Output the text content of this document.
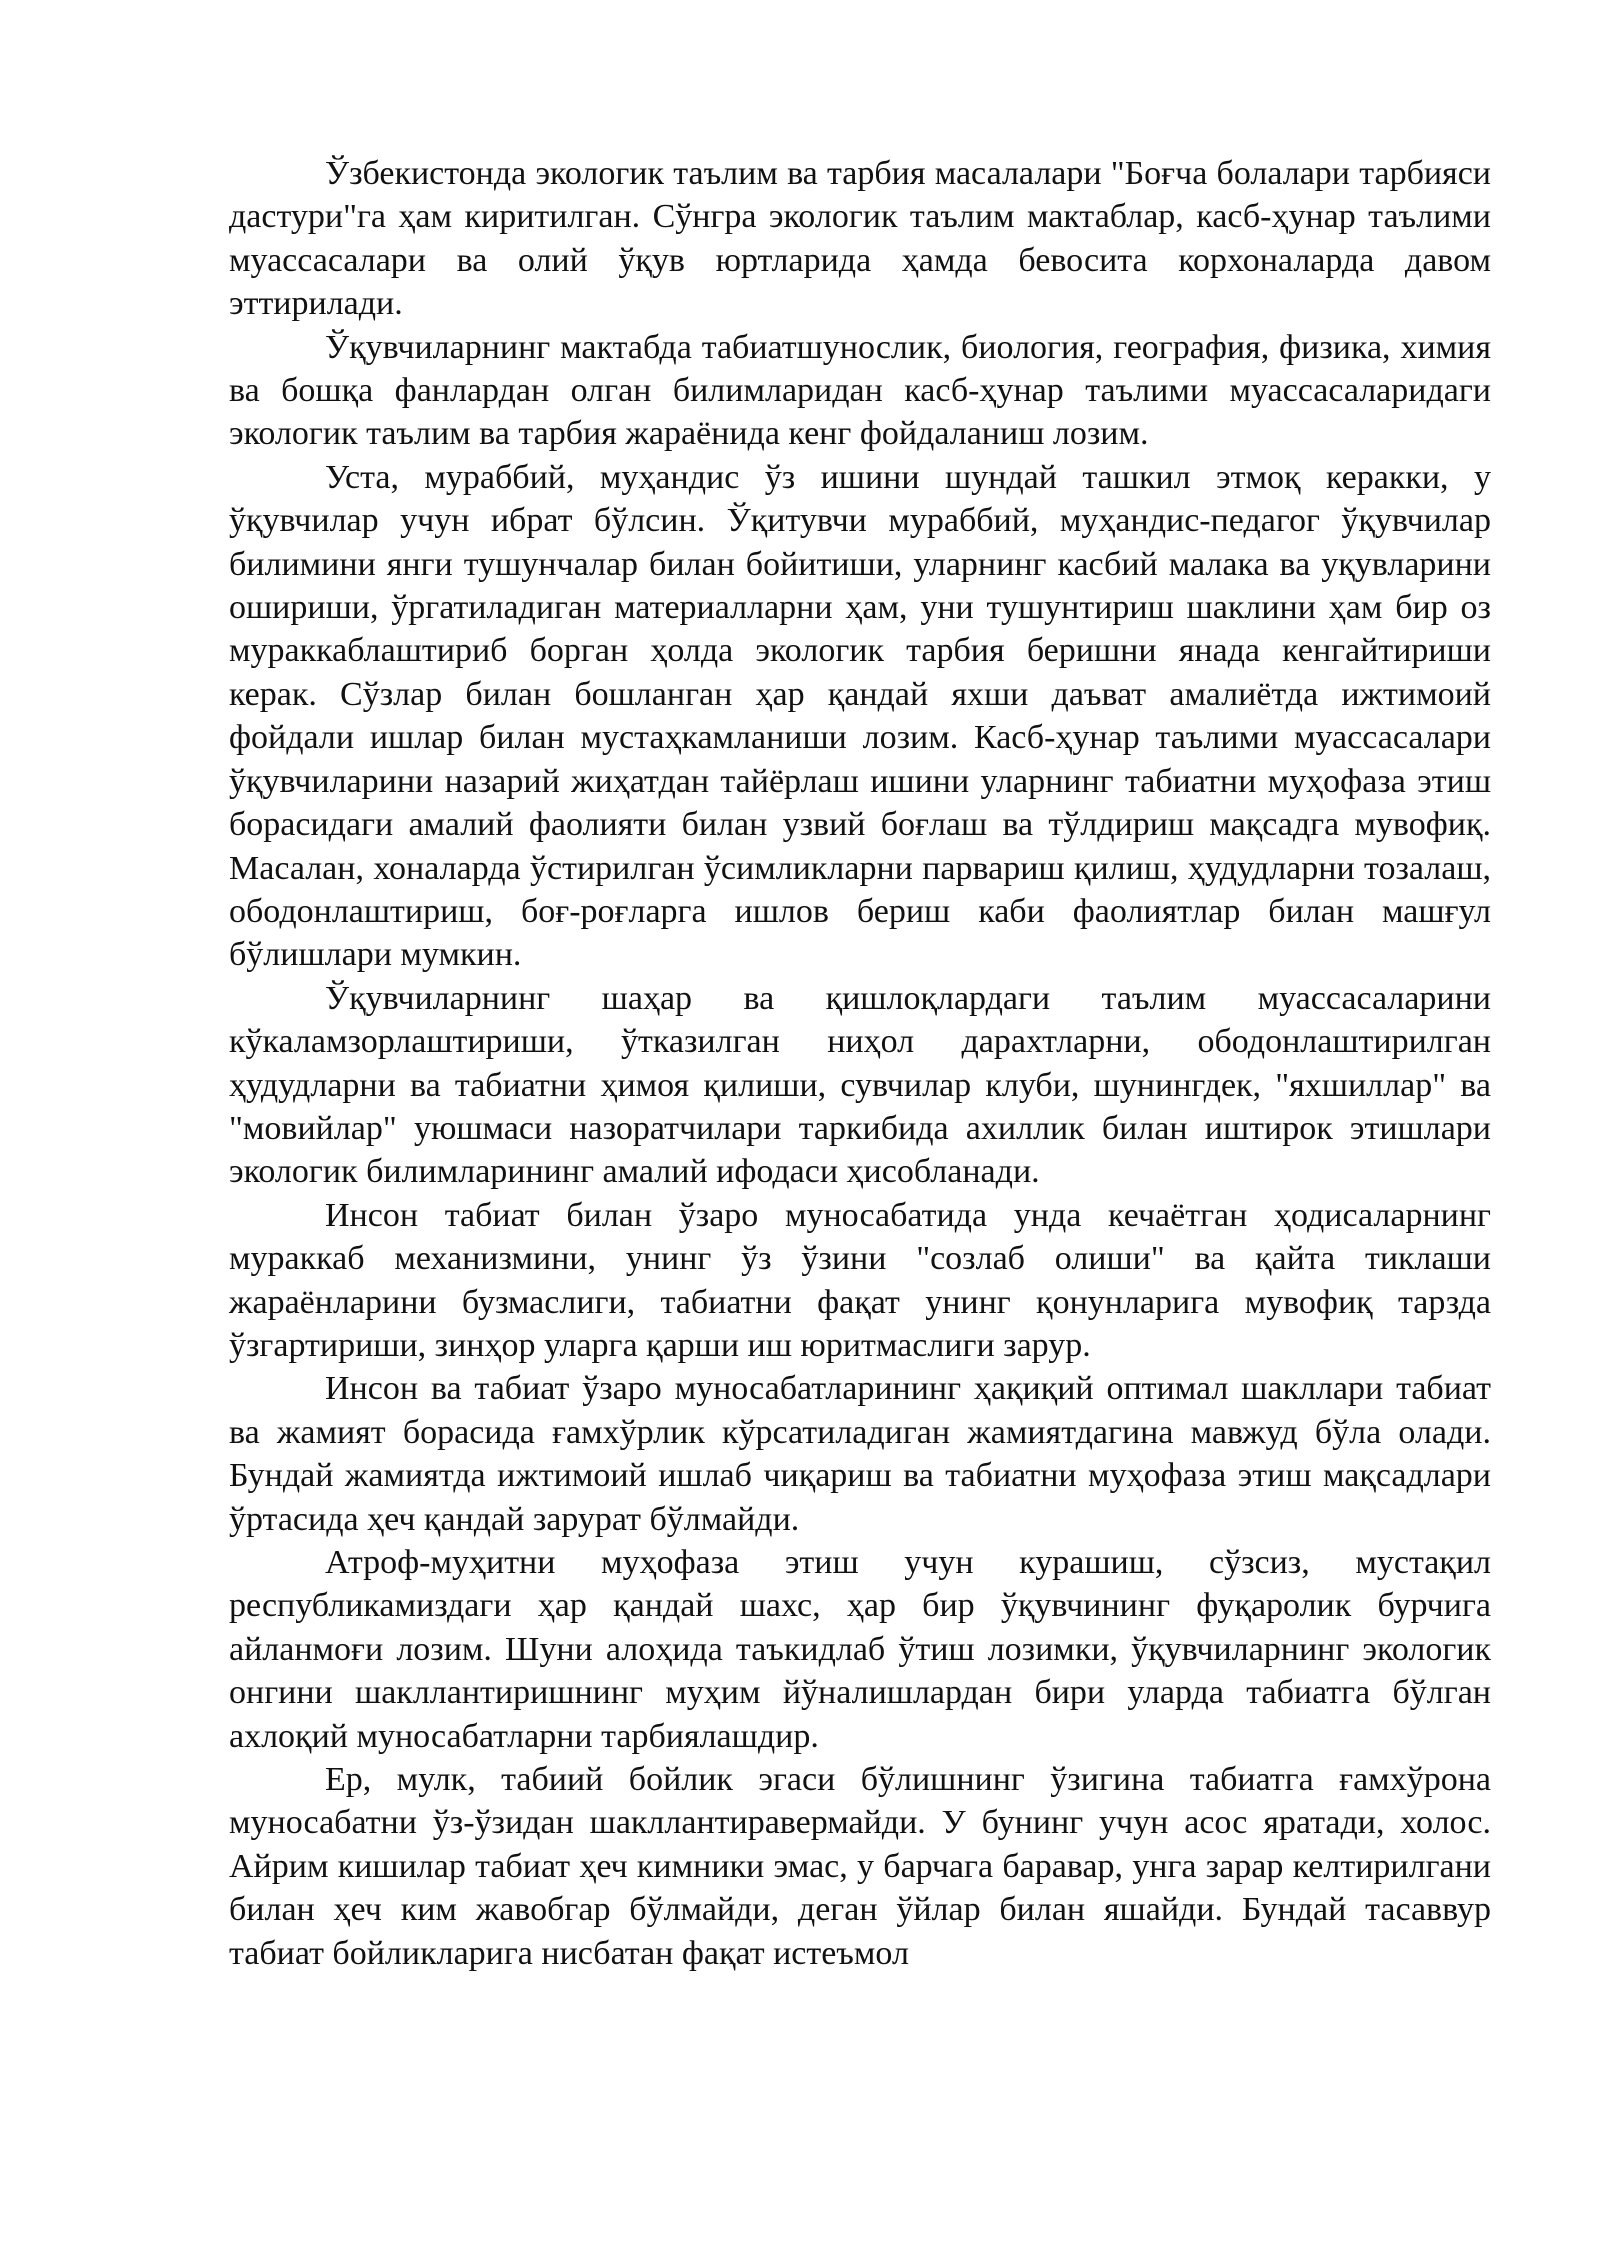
Ўзбекистонда экологик таълим ва тарбия масалалари "Боғча болалари тарбияси дастури"га ҳам киритилган. Сўнгра экологик таълим мактаблар, касб-ҳунар таълими муассасалари ва олий ўқув юртларида ҳамда бевосита корхоналарда давом эттирилади.

Ўқувчиларнинг мактабда табиатшунослик, биология, география, физика, химия ва бошқа фанлардан олган билимларидан касб-ҳунар таълими муассасаларидаги экологик таълим ва тарбия жараёнида кенг фойдаланиш лозим.

Уста, мураббий, муҳандис ўз ишини шундай ташкил этмоқ керакки, у ўқувчилар учун ибрат бўлсин. Ўқитувчи мураббий, муҳандис-педагог ўқувчилар билимини янги тушунчалар билан бойитиши, уларнинг касбий малака ва уқувларини ошириши, ўргатиладиган материалларни ҳам, уни тушунтириш шаклини ҳам бир оз мураккаблаштириб борган ҳолда экологик тарбия беришни янада кенгайтириши керак. Сўзлар билан бошланган ҳар қандай яхши даъват амалиётда ижтимоий фойдали ишлар билан мустаҳкамланиши лозим. Касб-ҳунар таълими муассасалари ўқувчиларини назарий жиҳатдан тайёрлаш ишини уларнинг табиатни муҳофаза этиш борасидаги амалий фаолияти билан узвий боғлаш ва тўлдириш мақсадга мувофиқ. Масалан, хоналарда ўстирилган ўсимликларни парвариш қилиш, ҳудудларни тозалаш, ободонлаштириш, боғ-роғларга ишлов бериш каби фаолиятлар билан машғул бўлишлари мумкин.

Ўқувчиларнинг шаҳар ва қишлоқлардаги таълим муассасаларини кўкаламзорлаштириши, ўтказилган ниҳол дарахтларни, ободонлаштирилган ҳудудларни ва табиатни ҳимоя қилиши, сувчилар клуби, шунингдек, "яхшиллар" ва "мовийлар" уюшмаси назоратчилари таркибида ахиллик билан иштирок этишлари экологик билимларининг амалий ифодаси ҳисобланади.

Инсон табиат билан ўзаро муносабатида унда кечаётган ҳодисаларнинг мураккаб механизмини, унинг ўз ўзини "созлаб олиши" ва қайта тиклаши жараёнларини бузмаслиги, табиатни фақат унинг қонунларига мувофиқ тарзда ўзгартириши, зинҳор уларга қарши иш юритмаслиги зарур.

Инсон ва табиат ўзаро муносабатларининг ҳақиқий оптимал шакллари табиат ва жамият борасида ғамхўрлик кўрсатиладиган жамиятдагина мавжуд бўла олади. Бундай жамиятда ижтимоий ишлаб чиқариш ва табиатни муҳофаза этиш мақсадлари ўртасида ҳеч қандай зарурат бўлмайди.

Атроф-муҳитни муҳофаза этиш учун курашиш, сўзсиз, мустақил республикамиздаги ҳар қандай шахс, ҳар бир ўқувчининг фуқаролик бурчига айланмоғи лозим. Шуни алоҳида таъкидлаб ўтиш лозимки, ўқувчиларнинг экологик онгини шакллантиришнинг муҳим йўналишлардан бири уларда табиатга бўлган ахлоқий муносабатларни тарбиялашдир.

Ер, мулк, табиий бойлик эгаси бўлишнинг ўзигина табиатга ғамхўрона муносабатни ўз-ўзидан шакллантиравермайди. У бунинг учун асос яратади, холос. Айрим кишилар табиат ҳеч кимники эмас, у барчага баравар, унга зарар келтирилгани билан ҳеч ким жавобгар бўлмайди, деган ўйлар билан яшайди. Бундай тасаввур табиат бойликларига нисбатан фақат истеъмол
